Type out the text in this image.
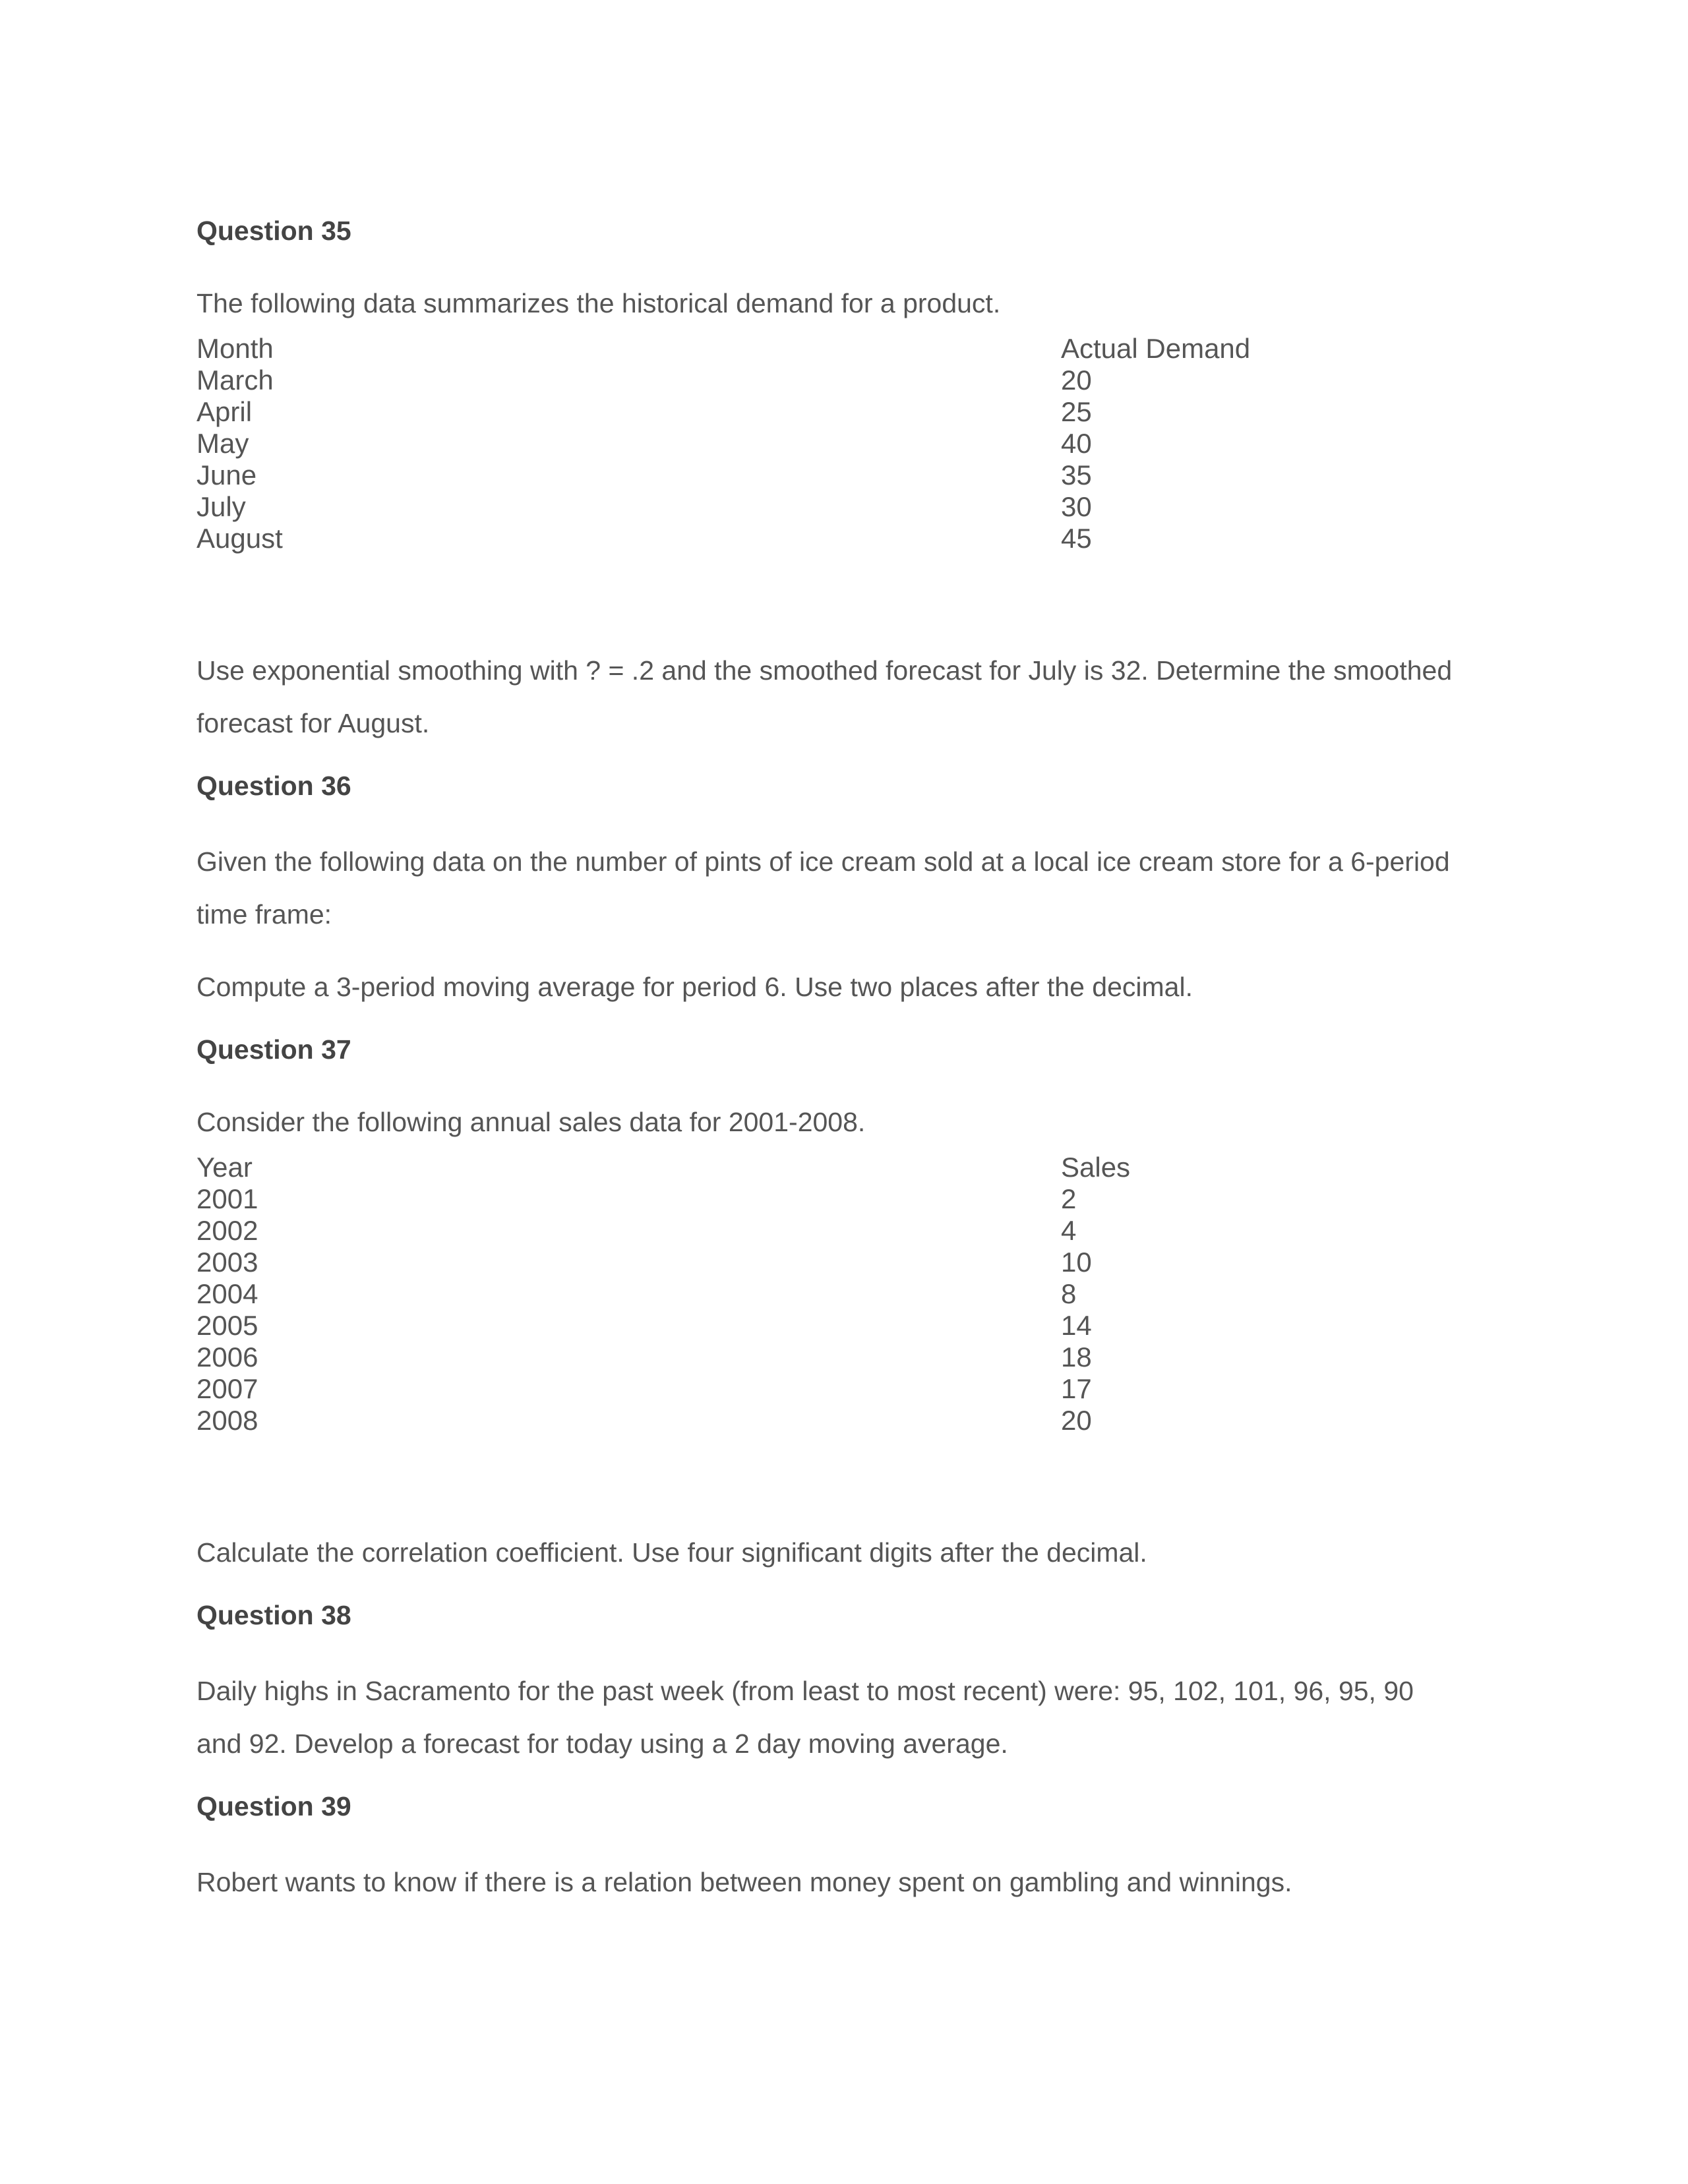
Question 35

The following data summarizes the historical demand for a product.

Month
March
April
May
June
July
August
Actual Demand
20
25
40
35
30
45

Use exponential smoothing with ? = .2 and the smoothed forecast for July is 32. Determine the smoothed

forecast for August.

Question 36

Given the following data on the number of pints of ice cream sold at a local ice cream store for a 6-period

time frame:

Compute a 3-period moving average for period 6. Use two places after the decimal.

Question 37

Consider the following annual sales data for 2001-2008.

Year
2001
2002
2003
2004
2005
2006
2007
2008
Sales
2
4
10
8
14
18
17
20

Calculate the correlation coefficient. Use four significant digits after the decimal.

Question 38

Daily highs in Sacramento for the past week (from least to most recent) were: 95, 102, 101, 96, 95, 90

and 92. Develop a forecast for today using a 2 day moving average.

Question 39

Robert wants to know if there is a relation between money spent on gambling and winnings.
